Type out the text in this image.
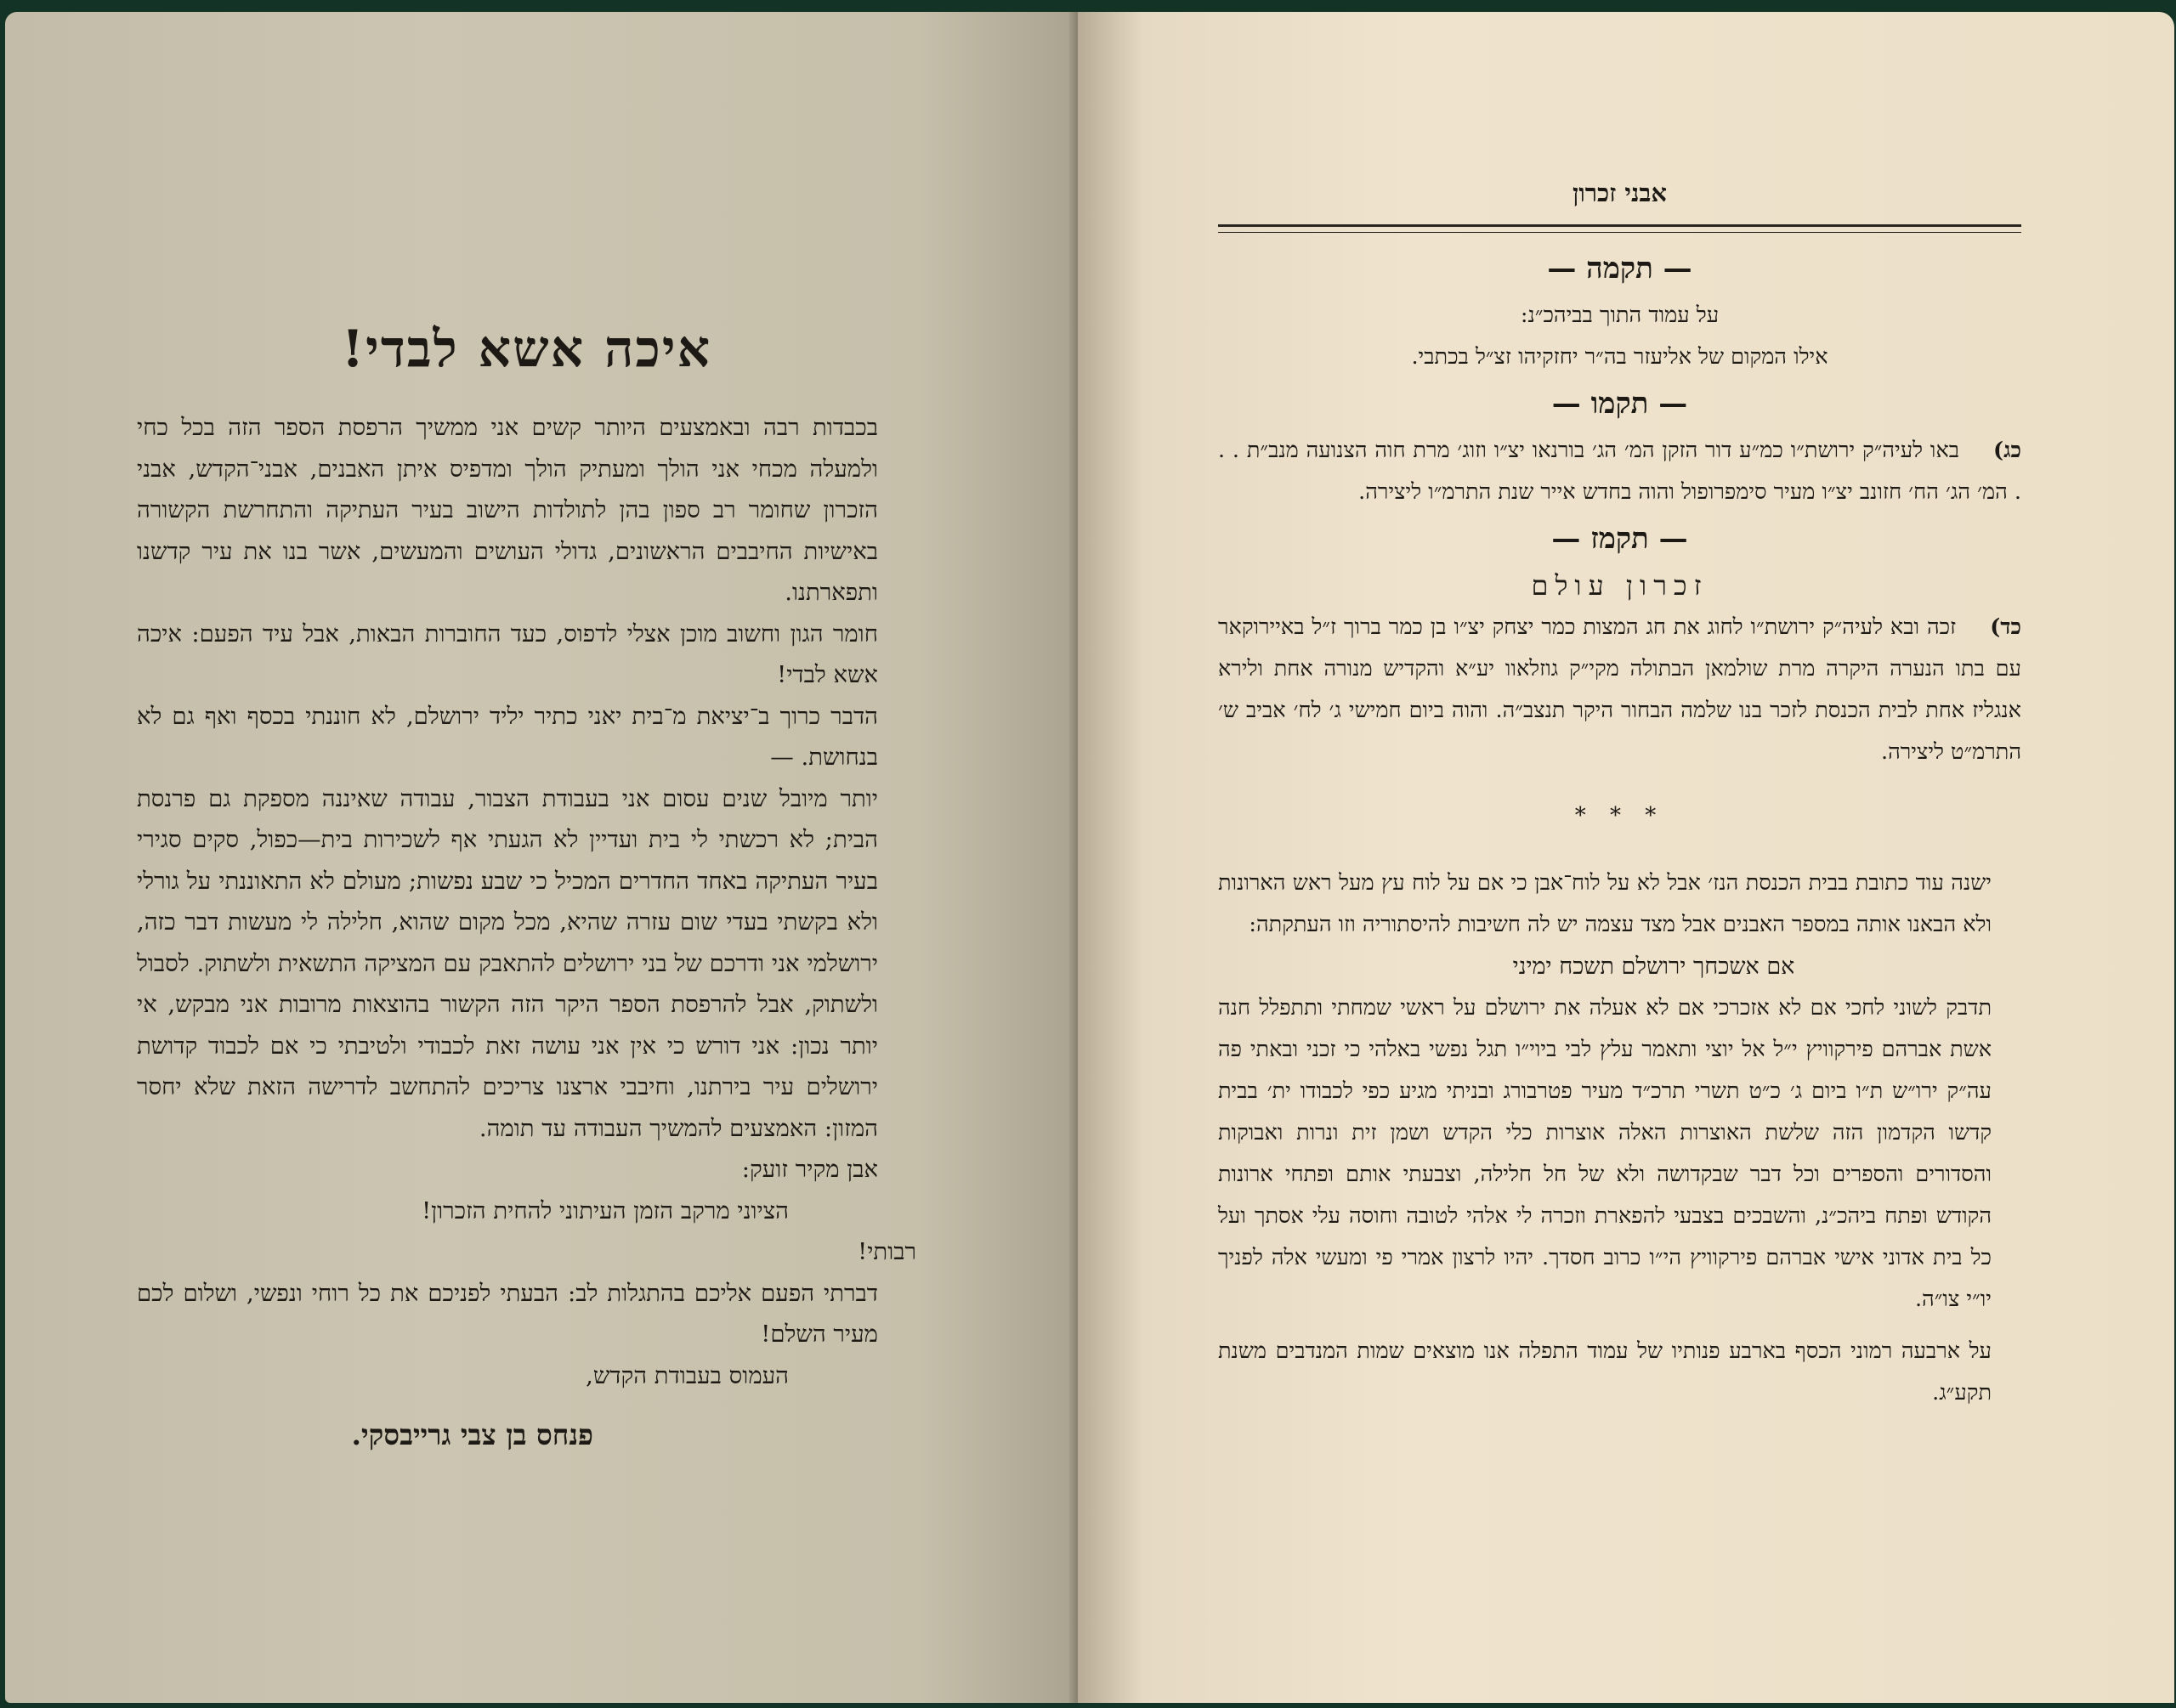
איכה אשא לבדי!

בכבדות רבה ובאמצעים היותר קשים אני ממשיך הרפסת הספר הזה בכל כחי ולמעלה מכחי אני הולך ומעתיק הולך ומדפיס איתן האבנים, אבני־הקדש, אבני הזכרון שחומר רב ספון בהן לתולדות הישוב בעיר העתיקה והתחרשת הקשורה באישיות החיבבים הראשונים, גדולי העושים והמעשים, אשר בנו את עיר קדשנו ותפארתנו.

חומר הגון וחשוב מוכן אצלי לדפוס, כעד החוברות הבאות, אבל עיד הפעם: איכה אשא לבדי!

הדבר כרוך ב־יציאת מ־בית יאני כתיר יליד ירושלם, לא חוננתי בכסף ואף גם לא בנחושת. —

יותר מיובל שנים עסום אני בעבודת הצבור, עבודה שאיננה מספקת גם פרנסת הבית; לא רכשתי לי בית ועדיין לא הגעתי אף לשכירות בית—כפול, סקים סגירי בעיר העתיקה באחד החדרים המכיל כי שבע נפשות; מעולם לא התאוננתי על גורלי ולא בקשתי בעדי שום עזרה שהיא, מכל מקום שהוא, חלילה לי מעשות דבר כזה, ירושלמי אני ודרכם של בני ירושלים להתאבק עם המציקה התשאית ולשתוק. לסבול ולשתוק, אבל להרפסת הספר היקר הזה הקשור בהוצאות מרובות אני מבקש, אי יותר נכון: אני דורש כי אין אני עושה זאת לכבודי ולטיבתי כי אם לכבוד קדושת ירושלים עיר בירתנו, וחיבבי ארצנו צריכים להתחשב לדרישה הזאת שלא יחסר המזון: האמצעים להמשיך העבודה עד תומה.

אבן מקיר זועק:

הציוני מרקב הזמן העיתוני להחית הזכרון!

רבותי!

דברתי הפעם אליכם בהתגלות לב: הבעתי לפניכם את כל רוחי ונפשי, ושלום לכם מעיר השלם!

העמוס בעבודת הקדש,

פנחס בן צבי גרייבסקי.

אבני זכרון

— תקמה —

על עמוד התוך בביהכ״נ:

אילו המקום של אליעזר בה״ר יחזקיהו זצ״ל בכתבי.

— תקמו —

כג)באו לעיה״ק ירושת״ו כמ״ע דור הזקן המ׳ הג׳ בורנאו יצ״ו וזוג׳ מרת חוה הצנועה מנב״ת . . . המ׳ הג׳ הח׳ חזונב יצ״ו מעיר סימפרופול והוה בחדש אייר שנת התרמ״ו ליצירה.

— תקמז —

זכרון עולם

כד)זכה ובא לעיה״ק ירושת״ו לחוג את חג המצות כמר יצחק יצ״ו בן כמר ברוך ז״ל באיירוקאר עם בתו הנערה היקרה מרת שולמאן הבתולה מקי״ק גוזלאוו יע״א והקדיש מנורה אחת ולירא אנגליז אחת לבית הכנסת לזכר בנו שלמה הבחור היקר תנצב״ה. והוה ביום חמישי ג׳ לח׳ אביב ש׳ התרמ״ט ליצירה.

* * *

ישנה עוד כתובת בבית הכנסת הנז׳ אבל לא על לוח־אבן כי אם על לוח עץ מעל ראש הארונות ולא הבאנו אותה במספר האבנים אבל מצד עצמה יש לה חשיבות להיסתוריה וזו העתקתה:

אם אשכחך ירושלם תשכח ימיני

תדבק לשוני לחכי אם לא אזכרכי אם לא אעלה את ירושלם על ראשי שמחתי ותתפלל חנה אשת אברהם פירקוויץ י״ל אל יוצי ותאמר עלץ לבי ביוי״ו תגל נפשי באלהי כי זכני ובאתי פה עה״ק ירו״ש ת״ו ביום ג׳ כ״ט תשרי תרכ״ד מעיר פטרבורג ובניתי מגיע כפי לכבודו ית׳ בבית קדשו הקדמון הזה שלשת האוצרות האלה אוצרות כלי הקדש ושמן זית ונרות ואבוקות והסדורים והספרים וכל דבר שבקדושה ולא של חל חלילה, וצבעתי אותם ופתחי ארונות הקודש ופתח ביהכ״נ, והשבכים בצבעי להפארת וזכרה לי אלהי לטובה וחוסה עלי אסתך ועל כל בית אדוני אישי אברהם פירקוויץ הי״ו כרוב חסדך. יהיו לרצון אמרי פי ומעשי אלה לפניך יו״י צו״ה.

על ארבעה רמוני הכסף בארבע פנותיו של עמוד התפלה אנו מוצאים שמות המנדבים משנת תקע״ג.
